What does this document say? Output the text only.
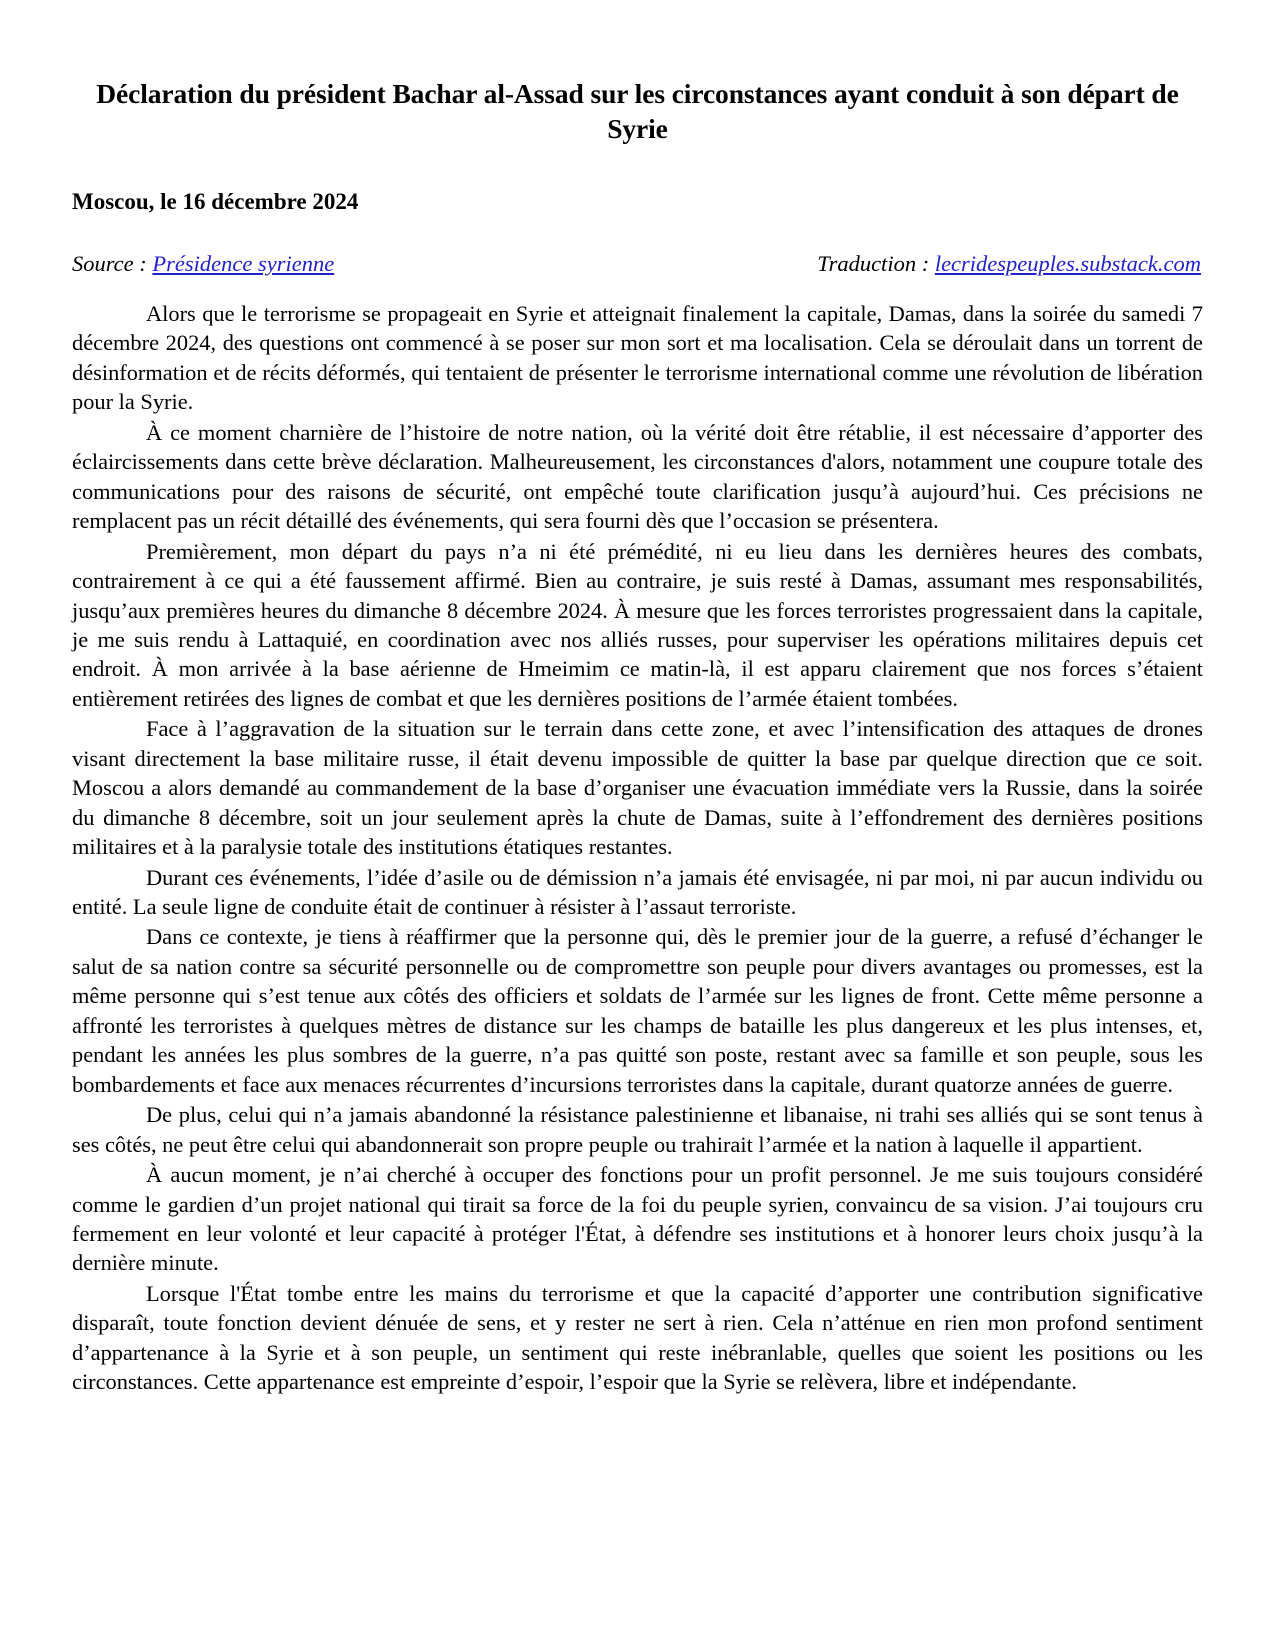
Déclaration du président Bachar al-Assad sur les circonstances ayant conduit à son départ de Syrie
Moscou, le 16 décembre 2024
Source : Présidence syrienne	Traduction : lecridespeuples.substack.com

Alors que le terrorisme se propageait en Syrie et atteignait finalement la capitale, Damas, dans la soirée du samedi 7 décembre 2024, des questions ont commencé à se poser sur mon sort et ma localisation. Cela se déroulait dans un torrent de désinformation et de récits déformés, qui tentaient de présenter le terrorisme international comme une révolution de libération pour la Syrie.

À ce moment charnière de l’histoire de notre nation, où la vérité doit être rétablie, il est nécessaire d’apporter des éclaircissements dans cette brève déclaration. Malheureusement, les circonstances d'alors, notamment une coupure totale des communications pour des raisons de sécurité, ont empêché toute clarification jusqu’à aujourd’hui. Ces précisions ne remplacent pas un récit détaillé des événements, qui sera fourni dès que l’occasion se présentera.

Premièrement, mon départ du pays n’a ni été prémédité, ni eu lieu dans les dernières heures des combats, contrairement à ce qui a été faussement affirmé. Bien au contraire, je suis resté à Damas, assumant mes responsabilités, jusqu’aux premières heures du dimanche 8 décembre 2024. À mesure que les forces terroristes progressaient dans la capitale, je me suis rendu à Lattaquié, en coordination avec nos alliés russes, pour superviser les opérations militaires depuis cet endroit. À mon arrivée à la base aérienne de Hmeimim ce matin-là, il est apparu clairement que nos forces s’étaient entièrement retirées des lignes de combat et que les dernières positions de l’armée étaient tombées.

Face à l’aggravation de la situation sur le terrain dans cette zone, et avec l’intensification des attaques de drones visant directement la base militaire russe, il était devenu impossible de quitter la base par quelque direction que ce soit. Moscou a alors demandé au commandement de la base d’organiser une évacuation immédiate vers la Russie, dans la soirée du dimanche 8 décembre, soit un jour seulement après la chute de Damas, suite à l’effondrement des dernières positions militaires et à la paralysie totale des institutions étatiques restantes.

Durant ces événements, l’idée d’asile ou de démission n’a jamais été envisagée, ni par moi, ni par aucun individu ou entité. La seule ligne de conduite était de continuer à résister à l’assaut terroriste.

Dans ce contexte, je tiens à réaffirmer que la personne qui, dès le premier jour de la guerre, a refusé d’échanger le salut de sa nation contre sa sécurité personnelle ou de compromettre son peuple pour divers avantages ou promesses, est la même personne qui s’est tenue aux côtés des officiers et soldats de l’armée sur les lignes de front. Cette même personne a affronté les terroristes à quelques mètres de distance sur les champs de bataille les plus dangereux et les plus intenses, et, pendant les années les plus sombres de la guerre, n’a pas quitté son poste, restant avec sa famille et son peuple, sous les bombardements et face aux menaces récurrentes d’incursions terroristes dans la capitale, durant quatorze années de guerre.

De plus, celui qui n’a jamais abandonné la résistance palestinienne et libanaise, ni trahi ses alliés qui se sont tenus à ses côtés, ne peut être celui qui abandonnerait son propre peuple ou trahirait l’armée et la nation à laquelle il appartient.

À aucun moment, je n’ai cherché à occuper des fonctions pour un profit personnel. Je me suis toujours considéré comme le gardien d’un projet national qui tirait sa force de la foi du peuple syrien, convaincu de sa vision. J’ai toujours cru fermement en leur volonté et leur capacité à protéger l'État, à défendre ses institutions et à honorer leurs choix jusqu’à la dernière minute.

Lorsque l'État tombe entre les mains du terrorisme et que la capacité d’apporter une contribution significative disparaît, toute fonction devient dénuée de sens, et y rester ne sert à rien. Cela n’atténue en rien mon profond sentiment d’appartenance à la Syrie et à son peuple, un sentiment qui reste inébranlable, quelles que soient les positions ou les circonstances. Cette appartenance est empreinte d’espoir, l’espoir que la Syrie se relèvera, libre et indépendante.
